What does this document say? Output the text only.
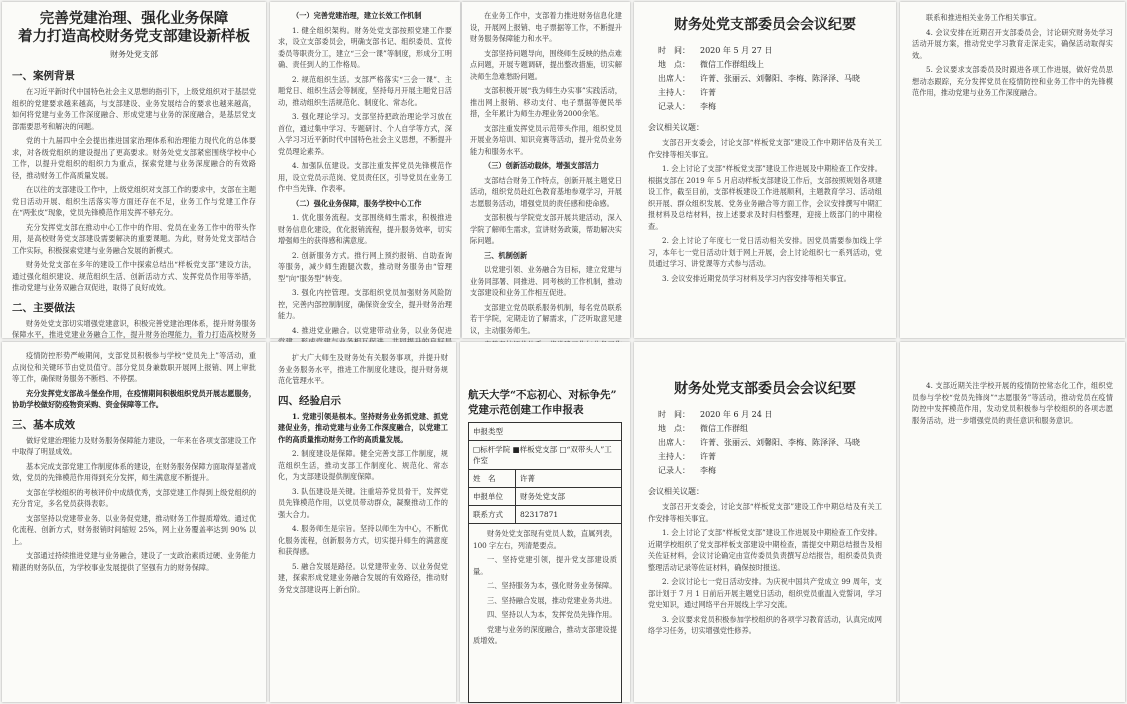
完善党建治理、强化业务保障
着力打造高校财务党支部建设新样板
财务处党支部
一、案例背景

在习近平新时代中国特色社会主义思想的指引下，上级党组织对于基层党组织的党建要求越来越高，与支部建设、业务发展结合的要求也越来越高，如何将党建与业务工作深度融合、形成党建与业务的深度融合，是基层党支部需要思考和解决的问题。

党的十九届四中全会提出推进国家治理体系和治理能力现代化的总体要求，对各级党组织的建设提出了更高要求。财务处党支部紧密围绕学校中心工作，以提升党组织的组织力为重点，探索党建与业务深度融合的有效路径，推动财务工作高质量发展。

在以往的支部建设工作中，上级党组织对支部工作的要求中，支部在主题党日活动开展、组织生活落实等方面还存在不足，业务工作与党建工作存在“两张皮”现象，党员先锋模范作用发挥不够充分。

充分发挥党支部在推动中心工作中的作用、党员在业务工作中的带头作用，是高校财务党支部建设需要解决的重要课题。为此，财务处党支部结合工作实际，积极探索党建与业务融合发展的新模式。

财务处党支部在多年的建设工作中探索总结出“样板党支部”建设方法，通过强化组织建设、规范组织生活、创新活动方式、发挥党员作用等举措，推动党建与业务双融合双促进，取得了良好成效。

二、主要做法

财务处党支部切实增强党建意识，积极完善党建治理体系，提升财务服务保障水平，推进党建业务融合工作，提升财务治理能力，着力打造高校财务

（一）完善党建治理，建立长效工作机制

1. 健全组织架构。财务处党支部按照党建工作要求，设立支部委员会，明确支部书记、组织委员、宣传委员等职责分工，建立“三会一课”等制度，形成分工明确、责任到人的工作格局。

2. 规范组织生活。支部严格落实“三会一课”、主题党日、组织生活会等制度，坚持每月开展主题党日活动，推动组织生活规范化、制度化、常态化。

3. 强化理论学习。支部坚持把政治理论学习放在首位，通过集中学习、专题研讨、个人自学等方式，深入学习习近平新时代中国特色社会主义思想，不断提升党员理论素养。

4. 加强队伍建设。支部注重发挥党员先锋模范作用，设立党员示范岗、党员责任区，引导党员在业务工作中当先锋、作表率。

（二）强化业务保障，服务学校中心工作

1. 优化服务流程。支部围绕师生需求，积极推进财务信息化建设，优化报销流程，提升服务效率，切实增强师生的获得感和满意度。

2. 创新服务方式。推行网上预约报销、自助查询等服务，减少师生跑腿次数，推动财务服务由“管理型”向“服务型”转变。

3. 强化内控管理。支部组织党员加强财务风险防控，完善内部控制制度，确保资金安全，提升财务治理能力。

4. 推进党业融合。以党建带动业务，以业务促进

在业务工作中，支部着力推进财务信息化建设，开展网上报销、电子票据等工作，不断提升财务服务保障能力和水平。

支部坚持问题导向，围绕师生反映的热点难点问题，开展专题调研，提出整改措施，切实解决师生急难愁盼问题。

支部积极开展“我为师生办实事”实践活动，推出网上报销、移动支付、电子票据等便民举措，全年累计为师生办理业务2000余笔。

支部注重发挥党员示范带头作用，组织党员开展业务培训、知识竞赛等活动，提升党员业务能力和服务水平。

（三）创新活动载体，增强支部活力

支部结合财务工作特点，创新开展主题党日活动，组织党员赴红色教育基地参观学习，开展志愿服务活动，增强党员的责任感和使命感。

支部积极与学院党支部开展共建活动，深入学院了解师生需求，宣讲财务政策，帮助解决实际问题。

三、机制创新

以党建引领、业务融合为目标，建立党建与业务同部署、同推进、同考核的工作机制，推动支部建设和业务工作相互促进。

支部建立党员联系服务机制，每名党员联系若干学院，定期走访了解需求，广泛听取意见建议，主动服务师生。

财务处党支部委员会会议纪要
时　间： 2020 年 5 月 27 日
地　点： 微信工作群组线上
出席人： 许菁、张丽云、刘馨阳、李梅、陈泽泽、马晓
主持人： 许菁
记录人： 李梅
会议相关议题：

支部召开支委会，讨论支部“样板党支部”建设工作中期评估及有关工作安排等相关事宜。

1. 会上讨论了支部“样板党支部”建设工作进展及中期检查工作安排。根据支部在 2019 年 5 月启动样板支部建设工作后，支部按照规划各项建设工作，截至目前，支部样板建设工作进展顺利，主题教育学习、活动组织开展、群众组织发展、党务业务融合等方面工作，会议安排撰写中期汇报材料及总结材料，按上述要求及时归档整理，迎接上级部门的中期检查。

2. 会上讨论了年度七一党日活动相关安排。因党员需要参加线上学习，本年七一党日活动计划于网上开展，会上讨论组织七一系列活动，党员通过学习、讲党课等方式参与活动。

3. 会议安排近期党员学习材料及学习内容安排等相关事宜。

联系和推进相关业务工作相关事宜。

4. 会议安排在近期召开支部委员会，讨论研究财务处学习活动开展方案，推动党史学习教育走深走实，确保活动取得实效。

5. 会议要求支部委员及时跟进各项工作进展，做好党员思想动态跟踪，充分发挥党员在疫情防控和业务工作中的先锋模范作用，推动党建与业务工作深度融合。

疫情防控形势严峻期间，支部党员积极参与学校“党员先上”等活动，重点岗位和关键环节由党员值守。部分党员身兼数职开展网上报销、网上审批等工作，确保财务服务不断档、不停摆。

充分发挥党支部战斗堡垒作用，在疫情期间积极组织党员开展志愿服务，协助学校做好防疫物资采购、资金保障等工作。

三、基本成效

做好党建治理能力及财务服务保障能力建设，一年来在各项支部建设工作中取得了明显成效。

基本完成支部党建工作制度体系的建设，在财务服务保障方面取得显著成效，党员的先锋模范作用得到充分发挥，师生满意度不断提升。

支部在学校组织的考核评价中成绩优秀，支部党建工作得到上级党组织的充分肯定，多名党员获得表彰。

支部坚持以党建带业务、以业务促党建，推动财务工作提质增效。通过优化流程、创新方式，财务报销时间缩短 25%，网上业务覆盖率达到 90% 以上。

支部通过持续推进党建与业务融合，建设了一支政治素质过硬、业务能力精湛的财务队伍，为学校事业发展提供了坚强有力的财务保障。

扩大广大师生及财务处有关服务事项，并提升财务业务服务水平，推进工作制度化建设，提升财务规范化管理水平。

四、经验启示

1. 党建引领是根本。坚持财务业务抓党建、抓党建促业务，推动党建与业务工作深度融合，以党建工作的高质量推动财务工作的高质量发展。

2. 制度建设是保障。健全完善支部工作制度，规范组织生活，推动支部工作制度化、规范化、常态化，为支部建设提供制度保障。

3. 队伍建设是关键。注重培养党员骨干，发挥党员先锋模范作用，以党员带动群众，凝聚推动工作的强大合力。

4. 服务师生是宗旨。坚持以师生为中心，不断优化服务流程，创新服务方式，切实提升师生的满意度和获得感。

5. 融合发展是路径。以党建带业务、以业务促党建，探索形成党建业务融合发展的有效路径，推动财务党支部建设再上新台阶。

航天大学“不忘初心、对标争先”
党建示范创建工作申报表
申报类型	
□标杆学院 ■样板党支部 □“双带头人”工作室	
姓　名	许菁
申报单位	财务处党支部
联系方式	82317871

财务处党支部现有党员人数，直属列表，100 字左右，列清楚要点。

一、坚持党建引领，提升党支部建设质量。

二、坚持服务为本，强化财务业务保障。

三、坚持融合发展，推动党建业务共进。

四、坚持以人为本，发挥党员先锋作用。

党建与业务的深度融合，推动支部建设提质增效。

财务处党支部委员会会议纪要
时　间： 2020 年 6 月 24 日
地　点： 微信工作群组
出席人： 许菁、张丽云、刘馨阳、李梅、陈泽泽、马晓
主持人： 许菁
记录人： 李梅
会议相关议题：

支部召开支委会，讨论支部“样板党支部”建设工作中期总结及有关工作安排等相关事宜。

1. 会上讨论了支部“样板党支部”建设工作进展及中期检查工作安排。近期学校组织了党支部样板支部建设中期检查，需提交中期总结报告及相关佐证材料，会议讨论确定由宣传委员负责撰写总结报告，组织委员负责整理活动记录等佐证材料，确保按时报送。

2. 会议讨论七一党日活动安排。为庆祝中国共产党成立 99 周年，支部计划于 7 月 1 日前后开展主题党日活动，组织党员重温入党誓词，学习党史知识，通过网络平台开展线上学习交流。

3. 会议要求党员积极参加学校组织的各项学习教育活动，认真完成网络学习任务，切实增强党性修养。

4. 支部近期关注学校开展的疫情防控常态化工作，组织党员参与学校“党员先锋岗”“志愿服务”等活动，推动党员在疫情防控中发挥模范作用，发动党员积极参与学校组织的各项志愿服务活动，进一步增强党员的责任意识和服务意识。
